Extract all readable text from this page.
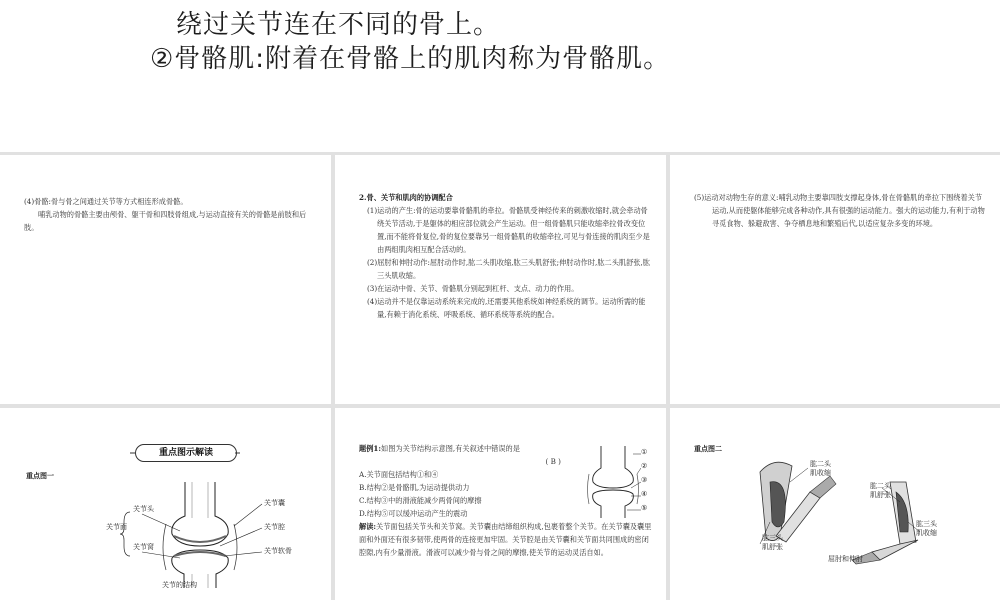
绕过关节连在不同的骨上。
②骨骼肌:附着在骨骼上的肌肉称为骨骼肌。

(4)骨骼:骨与骨之间通过关节等方式相连形成骨骼。

哺乳动物的骨骼主要由颅骨、躯干骨和四肢骨组成,与运动直接有关的骨骼是前肢和后肢。

2.骨、关节和肌肉的协调配合

(1)运动的产生:骨的运动要靠骨骼肌的牵拉。骨骼肌受神经传来的刺激收缩时,就会牵动骨绕关节活动,于是躯体的相应部位就会产生运动。但一组骨骼肌只能收缩牵拉骨改变位置,而不能将骨复位,骨的复位要靠另一组骨骼肌的收缩牵拉,可见与骨连接的肌肉至少是由两组肌肉相互配合活动的。

(2)屈肘和伸肘动作:屈肘动作时,肱二头肌收缩,肱三头肌舒张;伸肘动作时,肱二头肌舒张,肱三头肌收缩。

(3)在运动中骨、关节、骨骼肌分别起到杠杆、支点、动力的作用。

(4)运动并不是仅靠运动系统来完成的,还需要其他系统如神经系统的调节。运动所需的能量,有赖于消化系统、呼吸系统、循环系统等系统的配合。

(5)运动对动物生存的意义:哺乳动物主要靠四肢支撑起身体,骨在骨骼肌的牵拉下围绕着关节运动,从而使躯体能够完成各种动作,具有很强的运动能力。强大的运动能力,有利于动物寻觅食物、躲避敌害、争夺栖息地和繁殖后代,以适应复杂多变的环境。

重点图示解读
重点图一
关节面
关节头
关节窝
关节囊
关节腔
关节软骨
关节的结构

题例1:如图为关节结构示意图,有关叙述中错误的是

( B )

A.关节面包括结构①和④

B.结构②是骨骼肌,为运动提供动力

C.结构③中的滑液能减少两骨间的摩擦

D.结构⑤可以缓冲运动产生的震动

解读:关节面包括关节头和关节窝。关节囊由结缔组织构成,包裹着整个关节。在关节囊及囊里面和外面还有很多韧带,使两骨的连接更加牢固。关节腔是由关节囊和关节面共同围成的密闭腔隙,内有少量滑液。滑液可以减少骨与骨之间的摩擦,使关节的运动灵活自如。

①
②
③
④
⑤
重点图二
肱二头
肌收缩
肱三头
肌舒张
肱二头
肌舒张
肱三头
肌收缩
屈肘和伸肘
